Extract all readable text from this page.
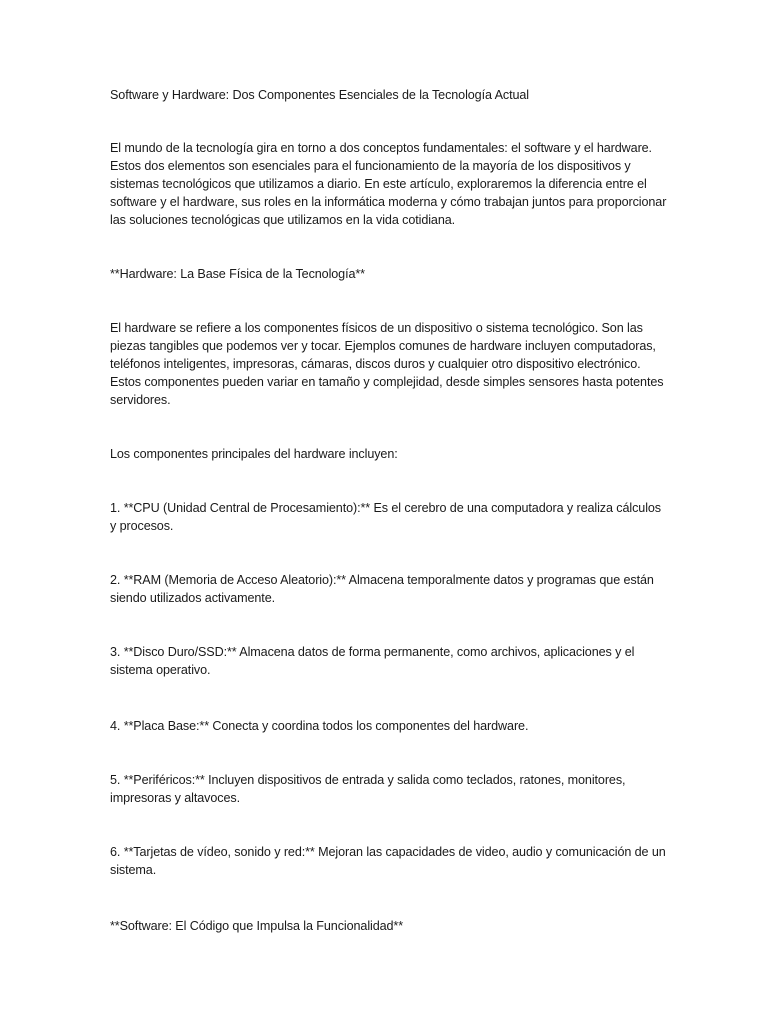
Software y Hardware: Dos Componentes Esenciales de la Tecnología Actual

El mundo de la tecnología gira en torno a dos conceptos fundamentales: el software y el hardware. Estos dos elementos son esenciales para el funcionamiento de la mayoría de los dispositivos y sistemas tecnológicos que utilizamos a diario. En este artículo, exploraremos la diferencia entre el software y el hardware, sus roles en la informática moderna y cómo trabajan juntos para proporcionar las soluciones tecnológicas que utilizamos en la vida cotidiana.

**Hardware: La Base Física de la Tecnología**

El hardware se refiere a los componentes físicos de un dispositivo o sistema tecnológico. Son las piezas tangibles que podemos ver y tocar. Ejemplos comunes de hardware incluyen computadoras, teléfonos inteligentes, impresoras, cámaras, discos duros y cualquier otro dispositivo electrónico. Estos componentes pueden variar en tamaño y complejidad, desde simples sensores hasta potentes servidores.

Los componentes principales del hardware incluyen:

1. **CPU (Unidad Central de Procesamiento):** Es el cerebro de una computadora y realiza cálculos y procesos.

2. **RAM (Memoria de Acceso Aleatorio):** Almacena temporalmente datos y programas que están siendo utilizados activamente.

3. **Disco Duro/SSD:** Almacena datos de forma permanente, como archivos, aplicaciones y el sistema operativo.

4. **Placa Base:** Conecta y coordina todos los componentes del hardware.

5. **Periféricos:** Incluyen dispositivos de entrada y salida como teclados, ratones, monitores, impresoras y altavoces.

6. **Tarjetas de vídeo, sonido y red:** Mejoran las capacidades de video, audio y comunicación de un sistema.

**Software: El Código que Impulsa la Funcionalidad**
